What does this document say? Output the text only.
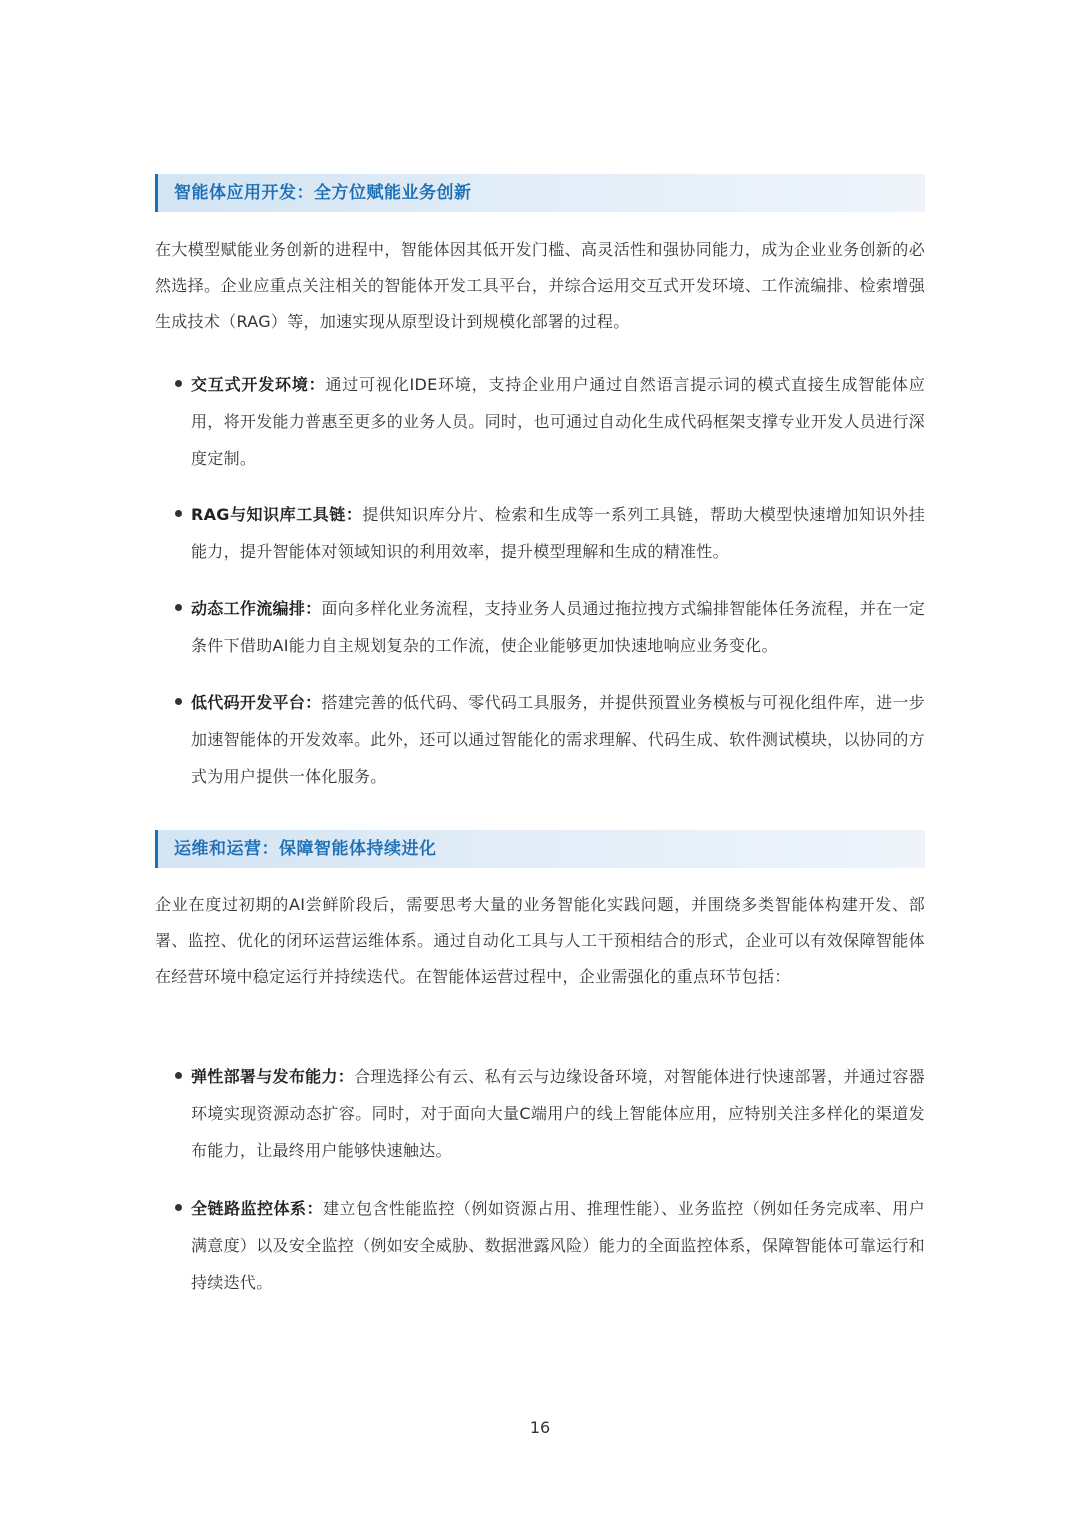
智能体应用开发：全方位赋能业务创新

在大模型赋能业务创新的进程中，智能体因其低开发门槛、高灵活性和强协同能力，成为企业业务创新的必然选择。企业应重点关注相关的智能体开发工具平台，并综合运用交互式开发环境、工作流编排、检索增强生成技术（RAG）等，加速实现从原型设计到规模化部署的过程。

交互式开发环境：通过可视化IDE环境，支持企业用户通过自然语言提示词的模式直接生成智能体应用，将开发能力普惠至更多的业务人员。同时，也可通过自动化生成代码框架支撑专业开发人员进行深度定制。

RAG与知识库工具链：提供知识库分片、检索和生成等一系列工具链，帮助大模型快速增加知识外挂能力，提升智能体对领域知识的利用效率，提升模型理解和生成的精准性。

动态工作流编排：面向多样化业务流程，支持业务人员通过拖拉拽方式编排智能体任务流程，并在一定条件下借助AI能力自主规划复杂的工作流，使企业能够更加快速地响应业务变化。

低代码开发平台：搭建完善的低代码、零代码工具服务，并提供预置业务模板与可视化组件库，进一步加速智能体的开发效率。此外，还可以通过智能化的需求理解、代码生成、软件测试模块，以协同的方式为用户提供一体化服务。

运维和运营：保障智能体持续进化

企业在度过初期的AI尝鲜阶段后，需要思考大量的业务智能化实践问题，并围绕多类智能体构建开发、部署、监控、优化的闭环运营运维体系。通过自动化工具与人工干预相结合的形式，企业可以有效保障智能体在经营环境中稳定运行并持续迭代。在智能体运营过程中，企业需强化的重点环节包括：

弹性部署与发布能力：合理选择公有云、私有云与边缘设备环境，对智能体进行快速部署，并通过容器环境实现资源动态扩容。同时，对于面向大量C端用户的线上智能体应用，应特别关注多样化的渠道发布能力，让最终用户能够快速触达。

全链路监控体系：建立包含性能监控（例如资源占用、推理性能）、业务监控（例如任务完成率、用户满意度）以及安全监控（例如安全威胁、数据泄露风险）能力的全面监控体系，保障智能体可靠运行和持续迭代。

16
